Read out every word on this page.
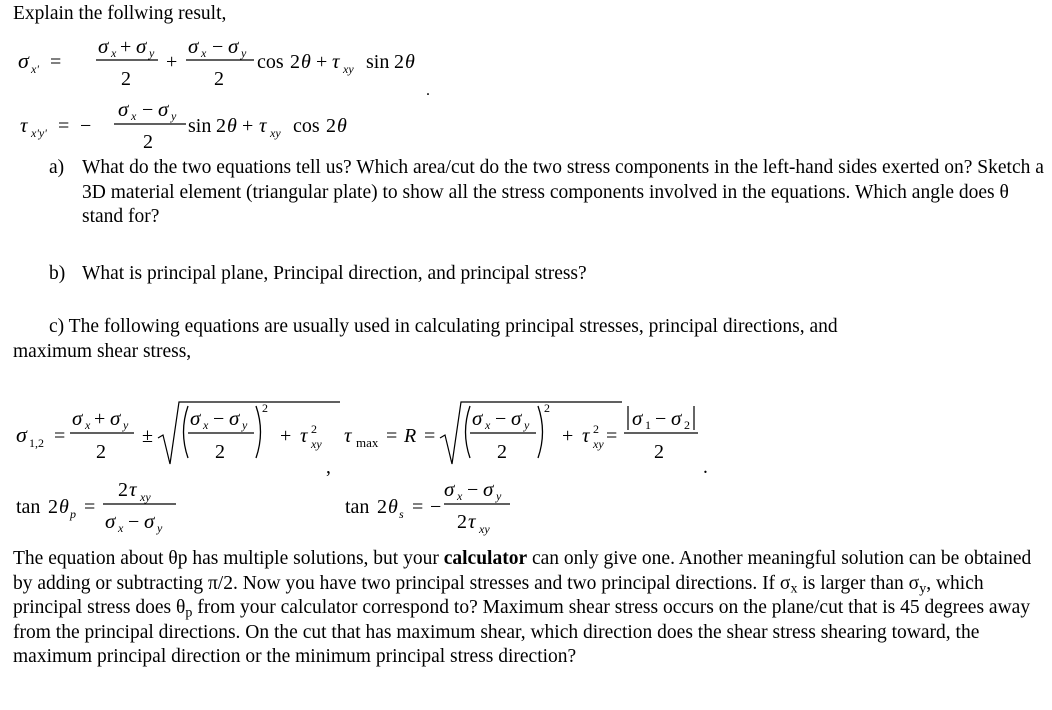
Explain the follwing result,
σ x' =
σ x + σ y
2
+
σ x − σ y
2
cos 2 θ + τ xy sin 2 θ
.
τ x'y' = −
σ x − σ y
2
sin 2 θ + τ xy cos 2 θ
a) What do the two equations tell us? Which area/cut do the two stress components in the left-hand sides exerted on? Sketch a 3D material element (triangular plate) to show all the stress components involved in the equations. Which angle does θ stand for?
b) What is principal plane, Principal direction, and principal stress?
c) The following equations are usually used in calculating principal stresses, principal directions, and
maximum shear stress,
σ 1,2 =
σ x + σ y
2
±
σ x − σ y
2
2
+ τ 2
xy
,
τ max = R =
σ x − σ y
2
2
+ τ 2
xy =
σ 1 − σ 2
2
.
tan 2 θ p =
2 τ xy
σ x − σ y
tan 2 θ s = −
σ x − σ y
2 τ xy
The equation about θp has multiple solutions, but your calculator can only give one. Another meaningful solution can be obtained by adding or subtracting π/2. Now you have two principal stresses and two principal directions. If $\sigma_x$ is larger than $\sigma_y$, which principal stress does $\theta_p$ from your calculator correspond to? Maximum shear stress occurs on the plane/cut that is 45 degrees away from the principal directions. On the cut that has maximum shear, which direction does the shear stress shearing toward, the maximum principal direction or the minimum principal stress direction?
